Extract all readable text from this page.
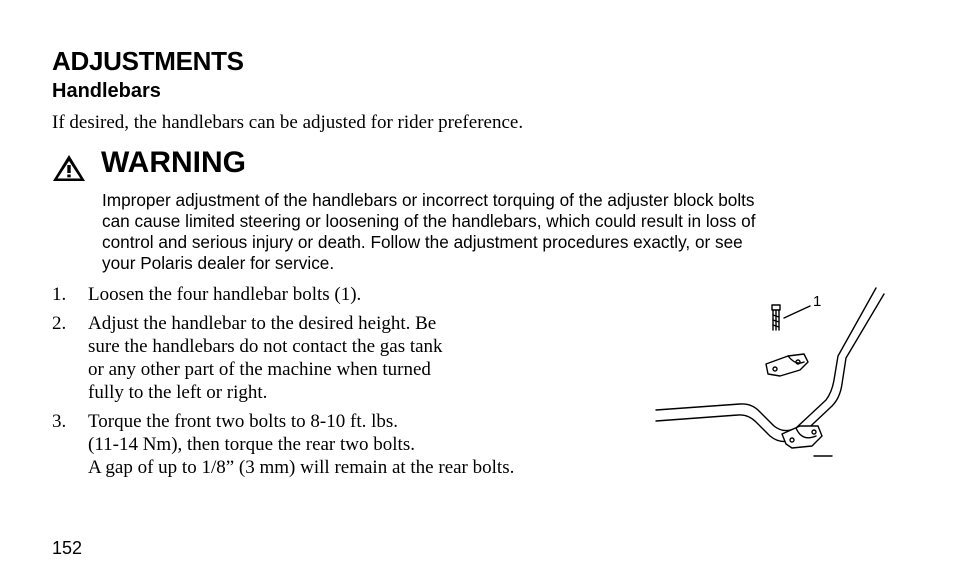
ADJUSTMENTS
Handlebars
If desired, the handlebars can be adjusted for rider preference.
WARNING
Improper adjustment of the handlebars or incorrect torquing of the adjuster block bolts
can cause limited steering or loosening of the handlebars, which could result in loss of
control and serious injury or death. Follow the adjustment procedures exactly, or see
your Polaris dealer for service.
1. Loosen the four handlebar bolts (1).
2. Adjust the handlebar to the desired height. Be
sure the handlebars do not contact the gas tank
or any other part of the machine when turned
fully to the left or right.
3. Torque the front two bolts to 8-10 ft. lbs.
(11-14 Nm), then torque the rear two bolts.
A gap of up to 1/8” (3 mm) will remain at the rear bolts.
1
152
